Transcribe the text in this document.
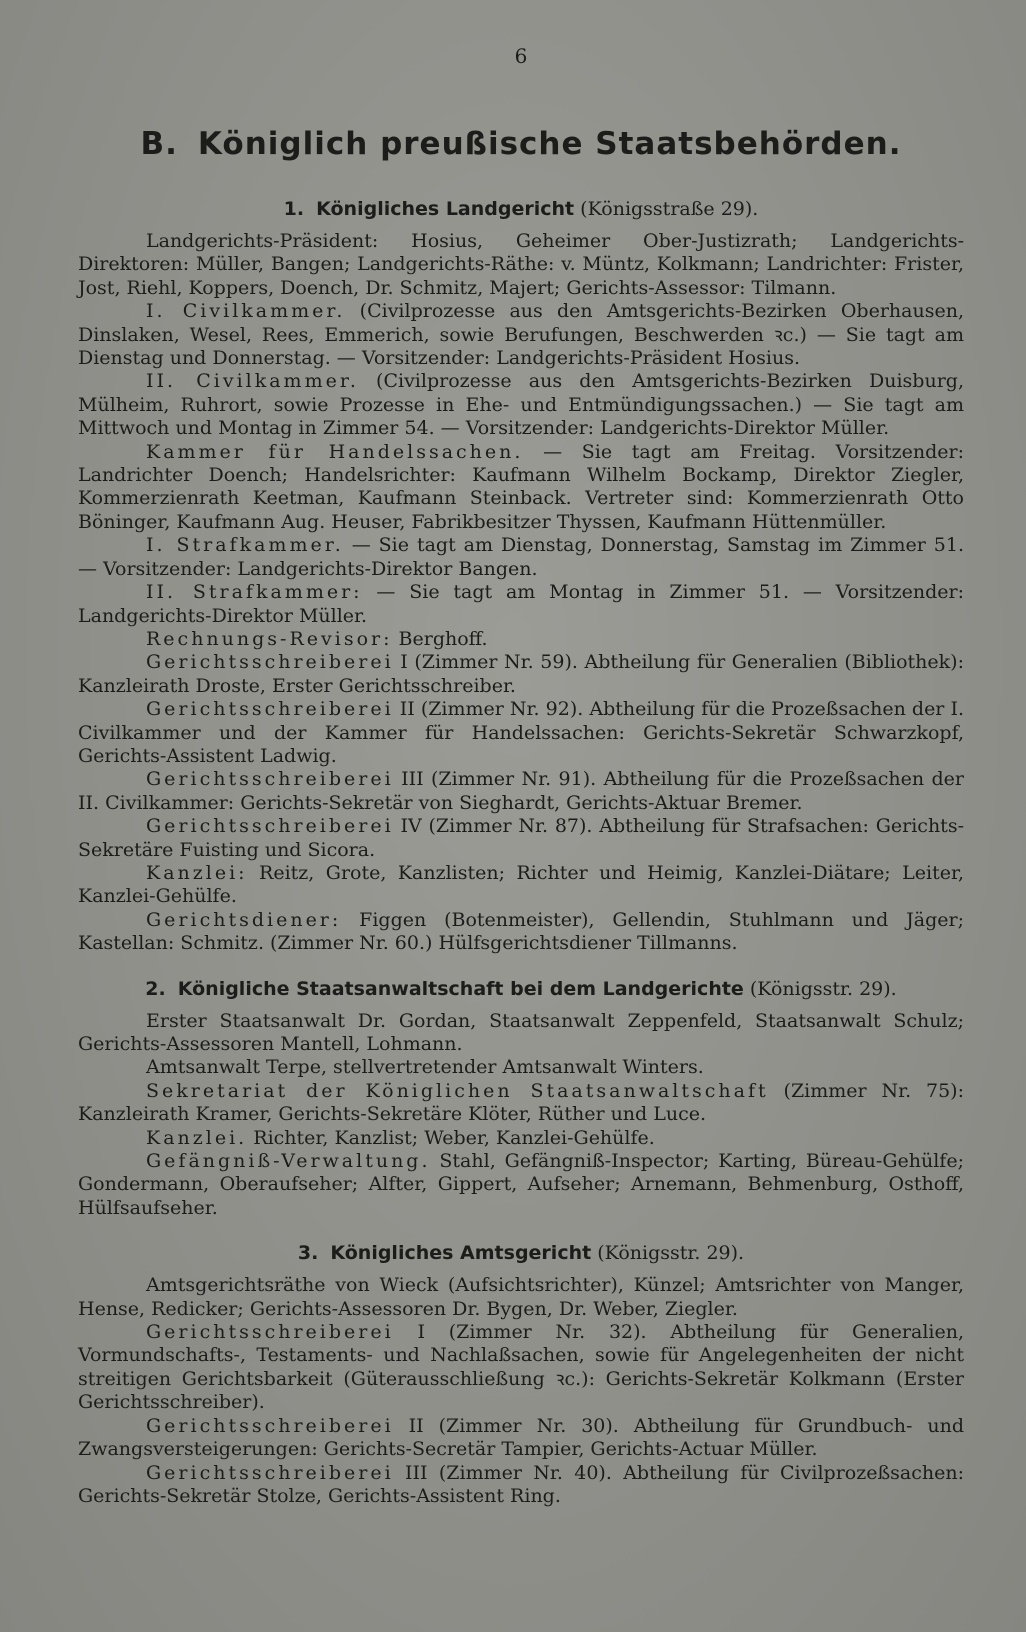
6
B. Königlich preußische Staatsbehörden.
1. Königliches Landgericht (Königsstraße 29).

Landgerichts-Präsident: Hosius, Geheimer Ober-Justizrath; Landgerichts-Direktoren: Müller, Bangen; Landgerichts-Räthe: v. Müntz, Kolkmann; Landrichter: Frister, Jost, Riehl, Koppers, Doench, Dr. Schmitz, Majert; Gerichts-Assessor: Tilmann.

I. Civilkammer. (Civilprozesse aus den Amtsgerichts-Bezirken Oberhausen, Dinslaken, Wesel, Rees, Emmerich, sowie Berufungen, Beschwerden ꝛc.) — Sie tagt am Dienstag und Donnerstag. — Vorsitzender: Landgerichts-Präsident Hosius.

II. Civilkammer. (Civilprozesse aus den Amtsgerichts-Bezirken Duisburg, Mülheim, Ruhrort, sowie Prozesse in Ehe- und Entmündigungssachen.) — Sie tagt am Mittwoch und Montag in Zimmer 54. — Vorsitzender: Landgerichts-Direktor Müller.

Kammer für Handelssachen. — Sie tagt am Freitag. Vorsitzender: Landrichter Doench; Handelsrichter: Kaufmann Wilhelm Bockamp, Direktor Ziegler, Kommerzienrath Keetman, Kaufmann Steinback. Vertreter sind: Kommerzienrath Otto Böninger, Kaufmann Aug. Heuser, Fabrikbesitzer Thyssen, Kaufmann Hüttenmüller.

I. Strafkammer. — Sie tagt am Dienstag, Donnerstag, Samstag im Zimmer 51. — Vorsitzender: Landgerichts-Direktor Bangen.

II. Strafkammer: — Sie tagt am Montag in Zimmer 51. — Vorsitzender: Landgerichts-Direktor Müller.

Rechnungs-Revisor: Berghoff.

Gerichtsschreiberei I (Zimmer Nr. 59). Abtheilung für Generalien (Bibliothek): Kanzleirath Droste, Erster Gerichtsschreiber.

Gerichtsschreiberei II (Zimmer Nr. 92). Abtheilung für die Prozeßsachen der I. Civilkammer und der Kammer für Handelssachen: Gerichts-Sekretär Schwarzkopf, Gerichts-Assistent Ladwig.

Gerichtsschreiberei III (Zimmer Nr. 91). Abtheilung für die Prozeßsachen der II. Civilkammer: Gerichts-Sekretär von Sieghardt, Gerichts-Aktuar Bremer.

Gerichtsschreiberei IV (Zimmer Nr. 87). Abtheilung für Strafsachen: Gerichts-Sekretäre Fuisting und Sicora.

Kanzlei: Reitz, Grote, Kanzlisten; Richter und Heimig, Kanzlei-Diätare; Leiter, Kanzlei-Gehülfe.

Gerichtsdiener: Figgen (Botenmeister), Gellendin, Stuhlmann und Jäger; Kastellan: Schmitz. (Zimmer Nr. 60.) Hülfsgerichtsdiener Tillmanns.

2. Königliche Staatsanwaltschaft bei dem Landgerichte (Königsstr. 29).

Erster Staatsanwalt Dr. Gordan, Staatsanwalt Zeppenfeld, Staatsanwalt Schulz; Gerichts-Assessoren Mantell, Lohmann.

Amtsanwalt Terpe, stellvertretender Amtsanwalt Winters.

Sekretariat der Königlichen Staatsanwaltschaft (Zimmer Nr. 75): Kanzleirath Kramer, Gerichts-Sekretäre Klöter, Rüther und Luce.

Kanzlei. Richter, Kanzlist; Weber, Kanzlei-Gehülfe.

Gefängniß-Verwaltung. Stahl, Gefängniß-Inspector; Karting, Büreau-Gehülfe; Gondermann, Oberaufseher; Alfter, Gippert, Aufseher; Arnemann, Behmenburg, Osthoff, Hülfsaufseher.

3. Königliches Amtsgericht (Königsstr. 29).

Amtsgerichtsräthe von Wieck (Aufsichtsrichter), Künzel; Amtsrichter von Manger, Hense, Redicker; Gerichts-Assessoren Dr. Bygen, Dr. Weber, Ziegler.

Gerichtsschreiberei I (Zimmer Nr. 32). Abtheilung für Generalien, Vormundschafts-, Testaments- und Nachlaßsachen, sowie für Angelegenheiten der nicht streitigen Gerichtsbarkeit (Güterausschließung ꝛc.): Gerichts-Sekretär Kolkmann (Erster Gerichtsschreiber).

Gerichtsschreiberei II (Zimmer Nr. 30). Abtheilung für Grundbuch- und Zwangsversteigerungen: Gerichts-Secretär Tampier, Gerichts-Actuar Müller.

Gerichtsschreiberei III (Zimmer Nr. 40). Abtheilung für Civilprozeßsachen: Gerichts-Sekretär Stolze, Gerichts-Assistent Ring.
